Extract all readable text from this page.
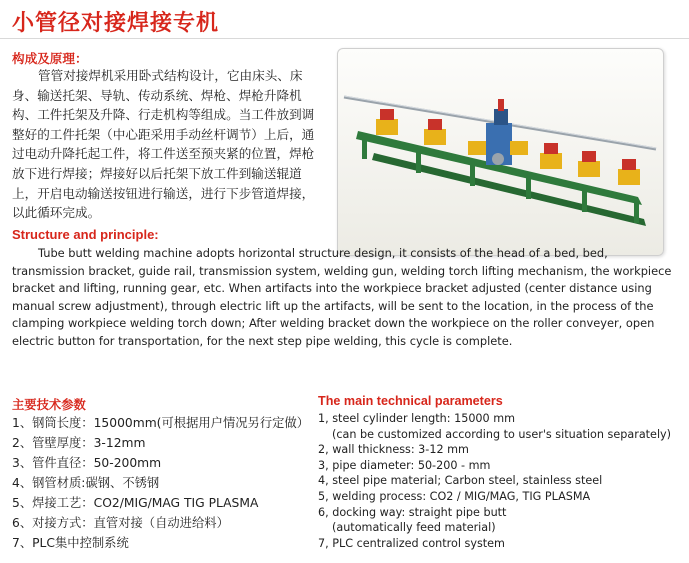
小管径对接焊接专机
构成及原理：

管管对接焊机采用卧式结构设计，它由床头、床身、输送托架、导轨、传动系统、焊枪、焊枪升降机构、工件托架及升降、行走机构等组成。当工件放到调整好的工件托架（中心距采用手动丝杆调节）上后，通过电动升降托起工件，将工件送至预夹紧的位置，焊枪放下进行焊接；焊接好以后托架下放工件到输送辊道上，开启电动输送按钮进行输送，进行下步管道焊接，以此循环完成。

Structure and principle:

Tube butt welding machine adopts horizontal structure design, it consists of the head of a bed, bed, transmission bracket, guide rail, transmission system, welding gun, welding torch lifting mechanism, the workpiece bracket and lifting, running gear, etc. When artifacts into the workpiece bracket adjusted (center distance using manual screw adjustment), through electric lift up the artifacts, will be sent to the location, in the process of the clamping workpiece welding torch down; After welding bracket down the workpiece on the roller conveyer, open electric button for transportation, for the next step pipe welding, this cycle is complete.

主要技术参数
1、钢筒长度：15000mm(可根据用户情况另行定做）
2、管壁厚度：3-12mm
3、管件直径：50-200mm
4、钢管材质:碳钢、不锈钢
5、焊接工艺：CO2/MIG/MAG TIG PLASMA
6、对接方式：直管对接（自动进给料）
7、PLC集中控制系统
The main technical parameters
1, steel cylinder length: 15000 mm
(can be customized according to user's situation separately)
2, wall thickness: 3-12 mm
3, pipe diameter: 50-200 - mm
4, steel pipe material; Carbon steel, stainless steel
5, welding process: CO2 / MIG/MAG, TIG PLASMA
6, docking way: straight pipe butt
(automatically feed material)
7, PLC centralized control system
